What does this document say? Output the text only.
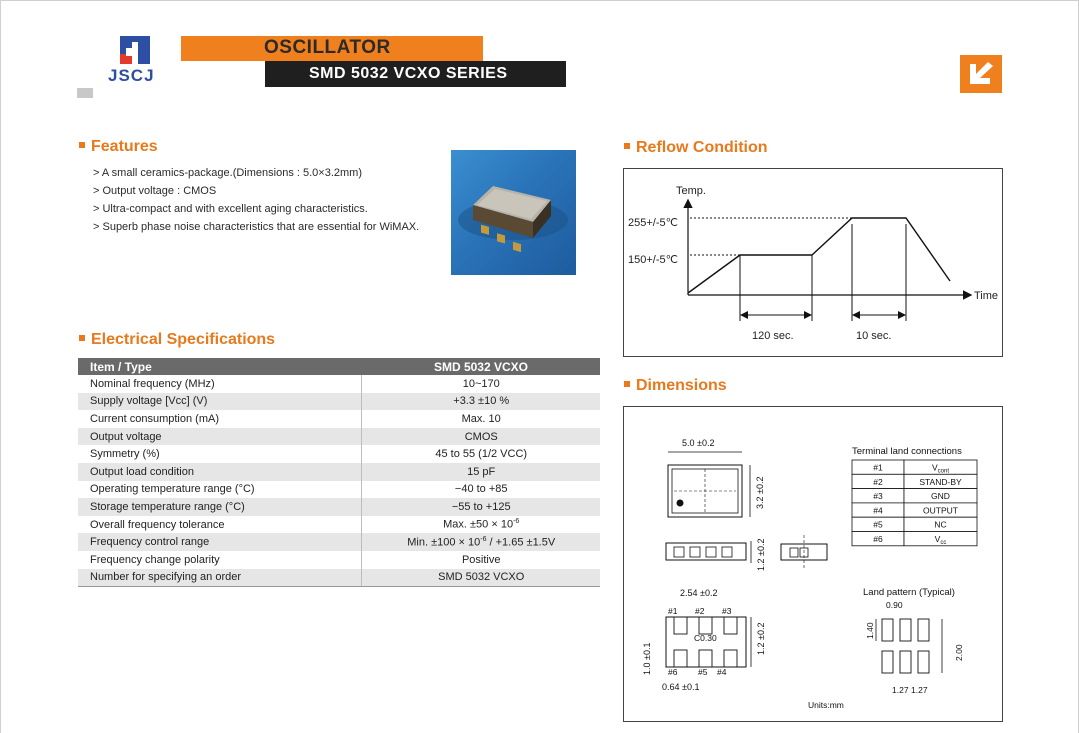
JSCJ
OSCILLATOR
SMD 5032 VCXO SERIES
Features
> A small ceramics-package.(Dimensions : 5.0×3.2mm)
> Output voltage : CMOS
> Ultra-compact and with excellent aging characteristics.
> Superb phase noise characteristics that are essential for WiMAX.
Electrical Specifications
Item / Type	SMD 5032 VCXO
Nominal frequency (MHz)	10~170
Supply voltage [Vcc] (V)	+3.3 ±10 %
Current consumption (mA)	Max. 10
Output voltage	CMOS
Symmetry (%)	45 to 55 (1/2 VCC)
Output load condition	15 pF
Operating temperature range (°C)	−40 to +85
Storage temperature range (°C)	−55 to +125
Overall frequency tolerance	Max. $\pm 50 \times 10^{-6}$
Frequency control range	Min. $\pm 100 \times 10^{-6} / +1.65 \pm 1.5V$
Frequency change polarity	Positive
Number for specifying an order	SMD 5032 VCXO
Reflow Condition
Temp.
Time
255+/-5℃
150+/-5℃
120 sec.	10 sec.
Dimensions
5.0 ±0.2
3.2 ±0.2
1.2 ±0.2
2.54 ±0.2
#1 #2 #3
C0.30
#6 #5 #4
1.2 ±0.2
1.0 ±0.1
0.64 ±0.1
Terminal land connections
#1	$V_{cont}$
#2	STAND-BY
#3	GND
#4	OUTPUT
#5	NC
#6	$V_{cc}$
Land pattern (Typical)
0.90
1.40
2.00
1.27 1.27
Units:mm
